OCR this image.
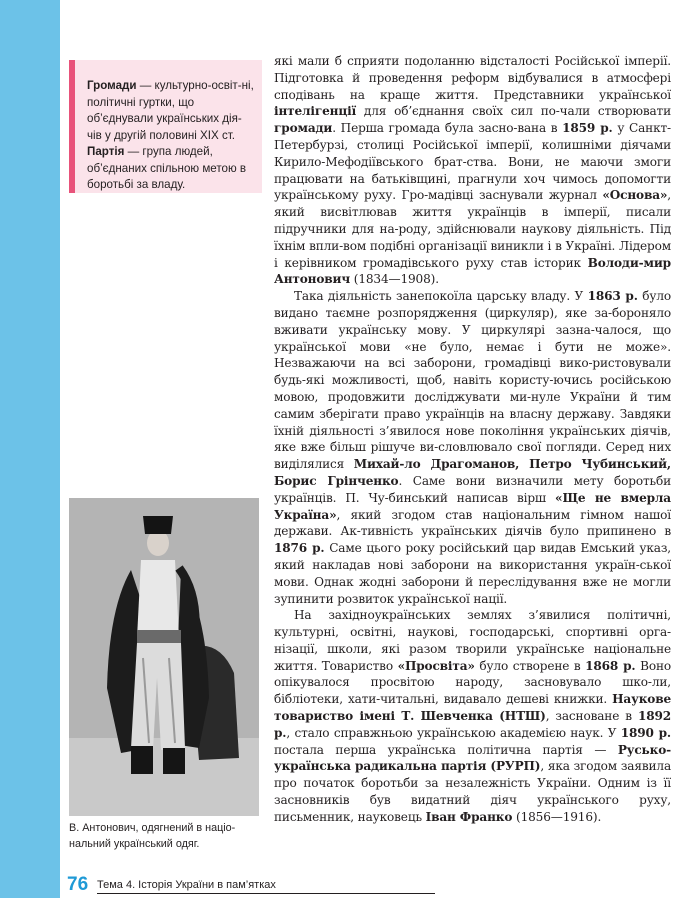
Громади — культурно-освіт-ні, політичні гуртки, що об’єднували українських дія-чів у другій половині XIX ст.

Партія — група людей, об’єднаних спільною метою в боротьбі за владу.

які мали б сприяти подоланню відсталості Російської імперії. Підготовка й проведення реформ відбувалися в атмосфері сподівань на краще життя. Представники української інтелігенції для об’єднання своїх сил по-чали створювати громади. Перша громада була засно-вана в 1859 р. у Санкт-Петербурзі, столиці Російської імперії, колишніми діячами Кирило-Мефодіївського брат-ства. Вони, не маючи змоги працювати на батьківщині, прагнули хоч чимось допомогти українському руху. Гро-мадівці заснували журнал «Основа», який висвітлював життя українців в імперії, писали підручники для на-роду, здійснювали наукову діяльність. Під їхнім впли-вом подібні організації виникли і в Україні. Лідером і керівником громадівського руху став історик Володи-мир Антонович (1834—1908).

Така діяльність занепокоїла царську владу. У 1863 р. було видано таємне розпорядження (циркуляр), яке за-бороняло вживати українську мову. У циркулярі зазна-чалося, що української мови «не було, немає і бути не може». Незважаючи на всі заборони, громадівці вико-ристовували будь-які можливості, щоб, навіть користу-ючись російською мовою, продовжити досліджувати ми-нуле України й тим самим зберігати право українців на власну державу. Завдяки їхній діяльності з’явилося нове покоління українських діячів, яке вже більш рішуче ви-словлювало свої погляди. Серед них виділялися Михай-ло Драгоманов, Петро Чубинський, Борис Грінченко. Саме вони визначили мету боротьби українців. П. Чу-бинський написав вірш «Ще не вмерла Україна», який згодом став національним гімном нашої держави. Ак-тивність українських діячів було припинено в 1876 р. Саме цього року російський цар видав Емський указ, який накладав нові заборони на використання україн-ської мови. Однак жодні заборони й переслідування вже не могли зупинити розвиток української нації.

На західноукраїнських землях з’явилися політичні, культурні, освітні, наукові, господарські, спортивні орга-нізації, школи, які разом творили українське національне життя. Товариство «Просвіта» було створене в 1868 р. Воно опікувалося просвітою народу, засновувало шко-ли, бібліотеки, хати-читальні, видавало дешеві книжки. Наукове товариство імені Т. Шевченка (НТШ), засноване в 1892 р., стало справжньою українською академією наук. У 1890 р. постала перша українська політична партія — Русько-українська радикальна партія (РУРП), яка згодом заявила про початок боротьби за незалежність України. Одним із її засновників був видатний діяч українського руху, письменник, науковець Іван Франко (1856—1916).

В. Антонович, одягнений в націо-нальний український одяг.
76 Тема 4. Історія України в пам’ятках
